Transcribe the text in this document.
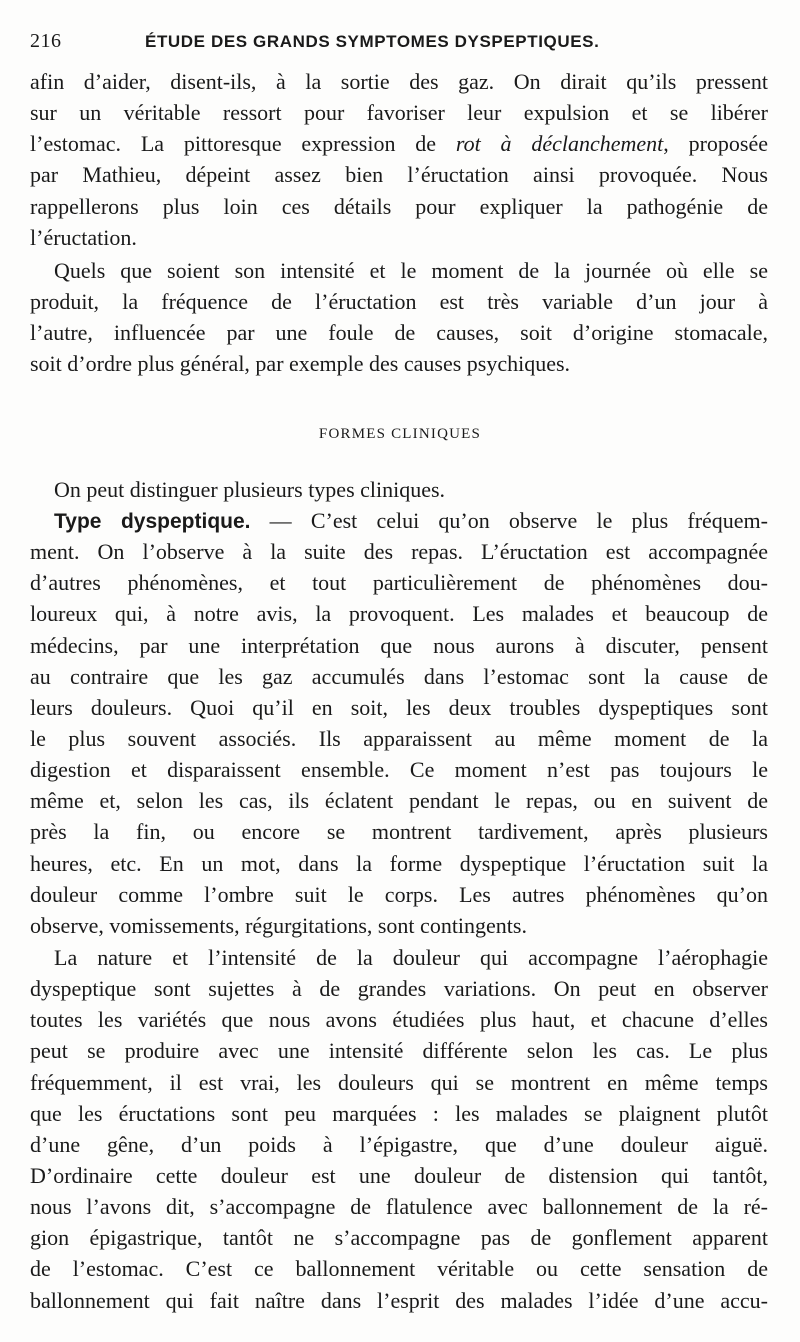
216	ÉTUDE DES GRANDS SYMPTOMES DYSPEPTIQUES.
afin d’aider, disent-ils, à la sortie des gaz. On dirait qu’ils pressent
sur un véritable ressort pour favoriser leur expulsion et se libérer
l’estomac. La pittoresque expression de rot à déclanchement, proposée
par Mathieu, dépeint assez bien l’éructation ainsi provoquée. Nous
rappellerons plus loin ces détails pour expliquer la pathogénie de
l’éructation.
Quels que soient son intensité et le moment de la journée où elle se
produit, la fréquence de l’éructation est très variable d’un jour à
l’autre, influencée par une foule de causes, soit d’origine stomacale,
soit d’ordre plus général, par exemple des causes psychiques.
FORMES CLINIQUES
On peut distinguer plusieurs types cliniques.
Type dyspeptique. — C’est celui qu’on observe le plus fréquem-
ment. On l’observe à la suite des repas. L’éructation est accompagnée
d’autres phénomènes, et tout particulièrement de phénomènes dou-
loureux qui, à notre avis, la provoquent. Les malades et beaucoup de
médecins, par une interprétation que nous aurons à discuter, pensent
au contraire que les gaz accumulés dans l’estomac sont la cause de
leurs douleurs. Quoi qu’il en soit, les deux troubles dyspeptiques sont
le plus souvent associés. Ils apparaissent au même moment de la
digestion et disparaissent ensemble. Ce moment n’est pas toujours le
même et, selon les cas, ils éclatent pendant le repas, ou en suivent de
près la fin, ou encore se montrent tardivement, après plusieurs
heures, etc. En un mot, dans la forme dyspeptique l’éructation suit la
douleur comme l’ombre suit le corps. Les autres phénomènes qu’on
observe, vomissements, régurgitations, sont contingents.
La nature et l’intensité de la douleur qui accompagne l’aérophagie
dyspeptique sont sujettes à de grandes variations. On peut en observer
toutes les variétés que nous avons étudiées plus haut, et chacune d’elles
peut se produire avec une intensité différente selon les cas. Le plus
fréquemment, il est vrai, les douleurs qui se montrent en même temps
que les éructations sont peu marquées : les malades se plaignent plutôt
d’une gêne, d’un poids à l’épigastre, que d’une douleur aiguë.
D’ordinaire cette douleur est une douleur de distension qui tantôt,
nous l’avons dit, s’accompagne de flatulence avec ballonnement de la ré-
gion épigastrique, tantôt ne s’accompagne pas de gonflement apparent
de l’estomac. C’est ce ballonnement véritable ou cette sensation de
ballonnement qui fait naître dans l’esprit des malades l’idée d’une accu-
